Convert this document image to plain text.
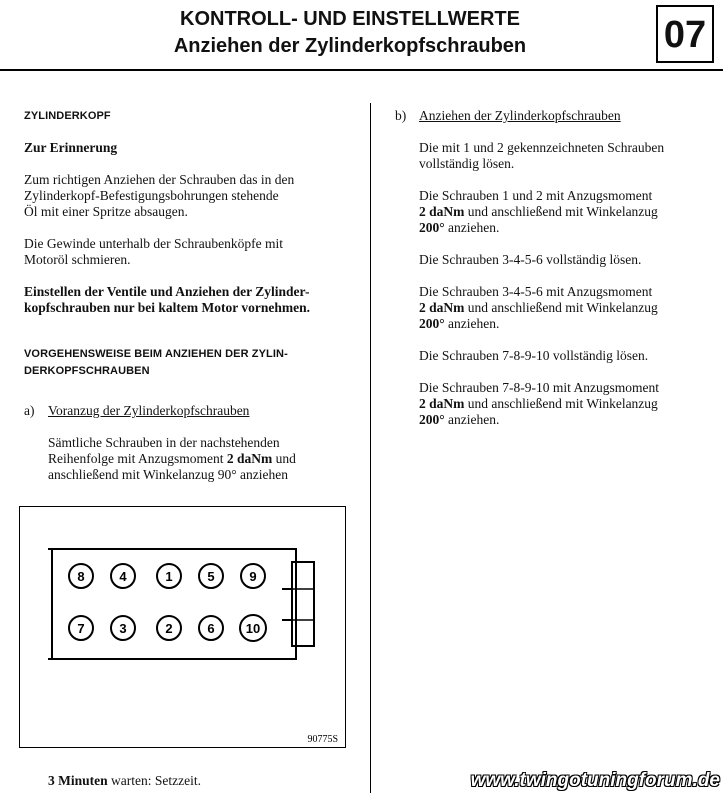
KONTROLL- UND EINSTELLWERTE
Anziehen der Zylinderkopfschrauben	07
ZYLINDERKOPF
Zur Erinnerung
Zum richtigen Anziehen der Schrauben das in den
Zylinderkopf-Befestigungsbohrungen stehende
Öl mit einer Spritze absaugen.
Die Gewinde unterhalb der Schraubenköpfe mit
Motoröl schmieren.
Einstellen der Ventile und Anziehen der Zylinder-
kopfschrauben nur bei kaltem Motor vornehmen.
VORGEHENSWEISE BEIM ANZIEHEN DER ZYLIN-
DERKOPFSCHRAUBEN
a) Voranzug der Zylinderkopfschrauben
Sämtliche Schrauben in der nachstehenden
Reihenfolge mit Anzugsmoment 2 daNm und
anschließend mit Winkelanzug 90° anziehen
8	4	1	5	9
7	3	2	6 10
90775S
3 Minuten warten: Setzzeit.
b) Anziehen der Zylinderkopfschrauben
Die mit 1 und 2 gekennzeichneten Schrauben
vollständig lösen.
Die Schrauben 1 und 2 mit Anzugsmoment
2 daNm und anschließend mit Winkelanzug
200° anziehen.
Die Schrauben 3-4-5-6 vollständig lösen.
Die Schrauben 3-4-5-6 mit Anzugsmoment
2 daNm und anschließend mit Winkelanzug
200° anziehen.
Die Schrauben 7-8-9-10 vollständig lösen.
Die Schrauben 7-8-9-10 mit Anzugsmoment
2 daNm und anschließend mit Winkelanzug
200° anziehen.
www.twingotuningforum.de
